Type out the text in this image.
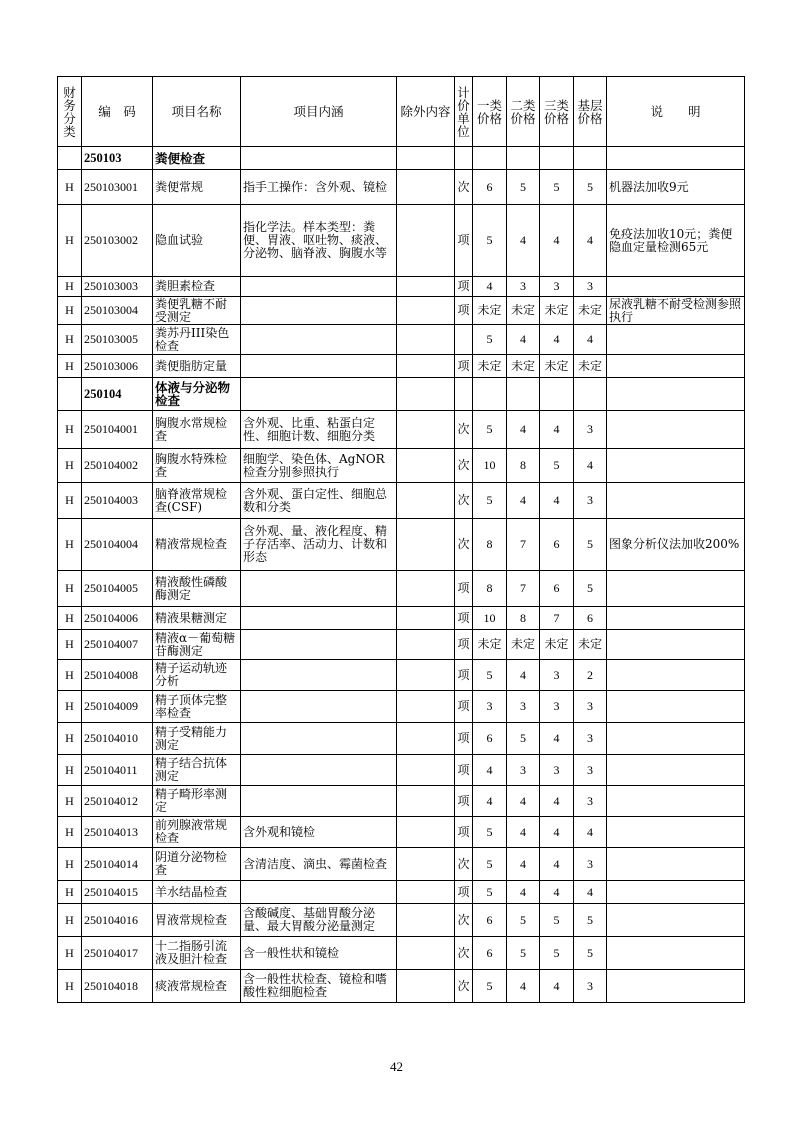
财务分类	编　码	项目名称	项目内涵	除外内容	计价单位	一类价格	二类价格	三类价格	基层价格	说　　明
	250103	粪便检查								
H	250103001	粪便常规	指手工操作：含外观、镜检		次	6	5	5	5	机器法加收9元
H	250103002	隐血试验	指化学法。样本类型：粪便、胃液、呕吐物、痰液、分泌物、脑脊液、胸腹水等		项	5	4	4	4	免疫法加收10元；粪便隐血定量检测65元
H	250103003	粪胆素检查			项	4	3	3	3	
H	250103004	粪便乳糖不耐受测定			项	未定	未定	未定	未定	尿液乳糖不耐受检测参照执行
H	250103005	粪苏丹III染色检查				5	4	4	4	
H	250103006	粪便脂肪定量			项	未定	未定	未定	未定	
	250104	体液与分泌物检查								
H	250104001	胸腹水常规检查	含外观、比重、粘蛋白定性、细胞计数、细胞分类		次	5	4	4	3	
H	250104002	胸腹水特殊检查	细胞学、染色体、AgNOR检查分别参照执行		次	10	8	5	4	
H	250104003	脑脊液常规检查(CSF)	含外观、蛋白定性、细胞总数和分类		次	5	4	4	3	
H	250104004	精液常规检查	含外观、量、液化程度、精子存活率、活动力、计数和形态		次	8	7	6	5	图象分析仪法加收200%
H	250104005	精液酸性磷酸酶测定			项	8	7	6	5	
H	250104006	精液果糖测定			项	10	8	7	6	
H	250104007	精液α－葡萄糖苷酶测定			项	未定	未定	未定	未定	
H	250104008	精子运动轨迹分析			项	5	4	3	2	
H	250104009	精子顶体完整率检查			项	3	3	3	3	
H	250104010	精子受精能力测定			项	6	5	4	3	
H	250104011	精子结合抗体测定			项	4	3	3	3	
H	250104012	精子畸形率测定			项	4	4	4	3	
H	250104013	前列腺液常规检查	含外观和镜检		项	5	4	4	4	
H	250104014	阴道分泌物检查	含清洁度、滴虫、霉菌检查		次	5	4	4	3	
H	250104015	羊水结晶检查			项	5	4	4	4	
H	250104016	胃液常规检查	含酸碱度、基础胃酸分泌量、最大胃酸分泌量测定		次	6	5	5	5	
H	250104017	十二指肠引流液及胆汁检查	含一般性状和镜检		次	6	5	5	5	
H	250104018	痰液常规检查	含一般性状检查、镜检和嗜酸性粒细胞检查		次	5	4	4	3	
42
